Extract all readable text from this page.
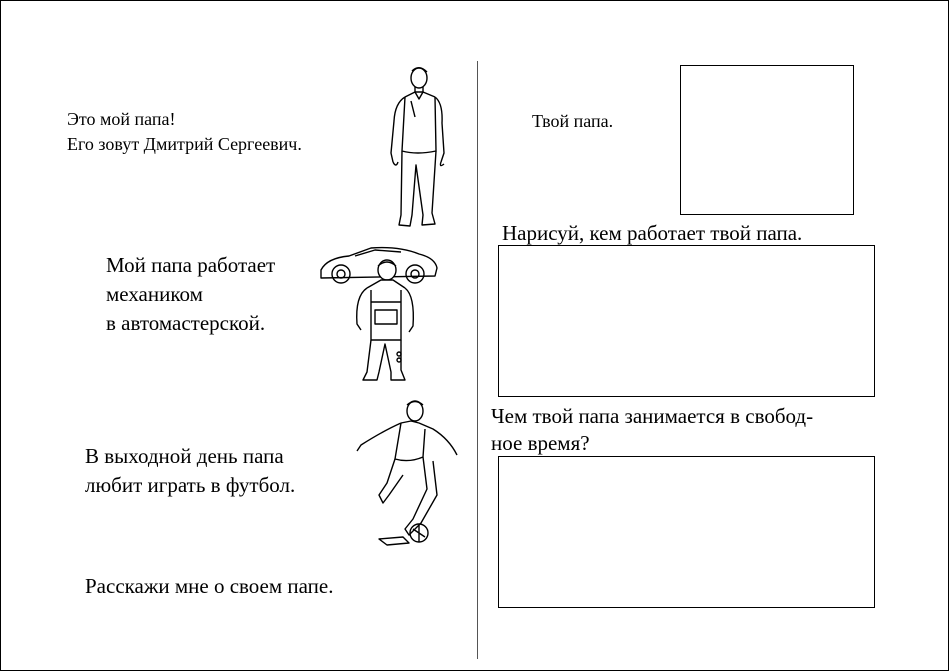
Это мой папа!
Его зовут Дмитрий Сергеевич.
Мой папа работает
механиком
в автомастерской.
В выходной день папа
любит играть в футбол.
Расскажи мне о своем папе.
Твой папа.
Нарисуй, кем работает твой папа.
Чем твой папа занимается в свобод-
ное время?
